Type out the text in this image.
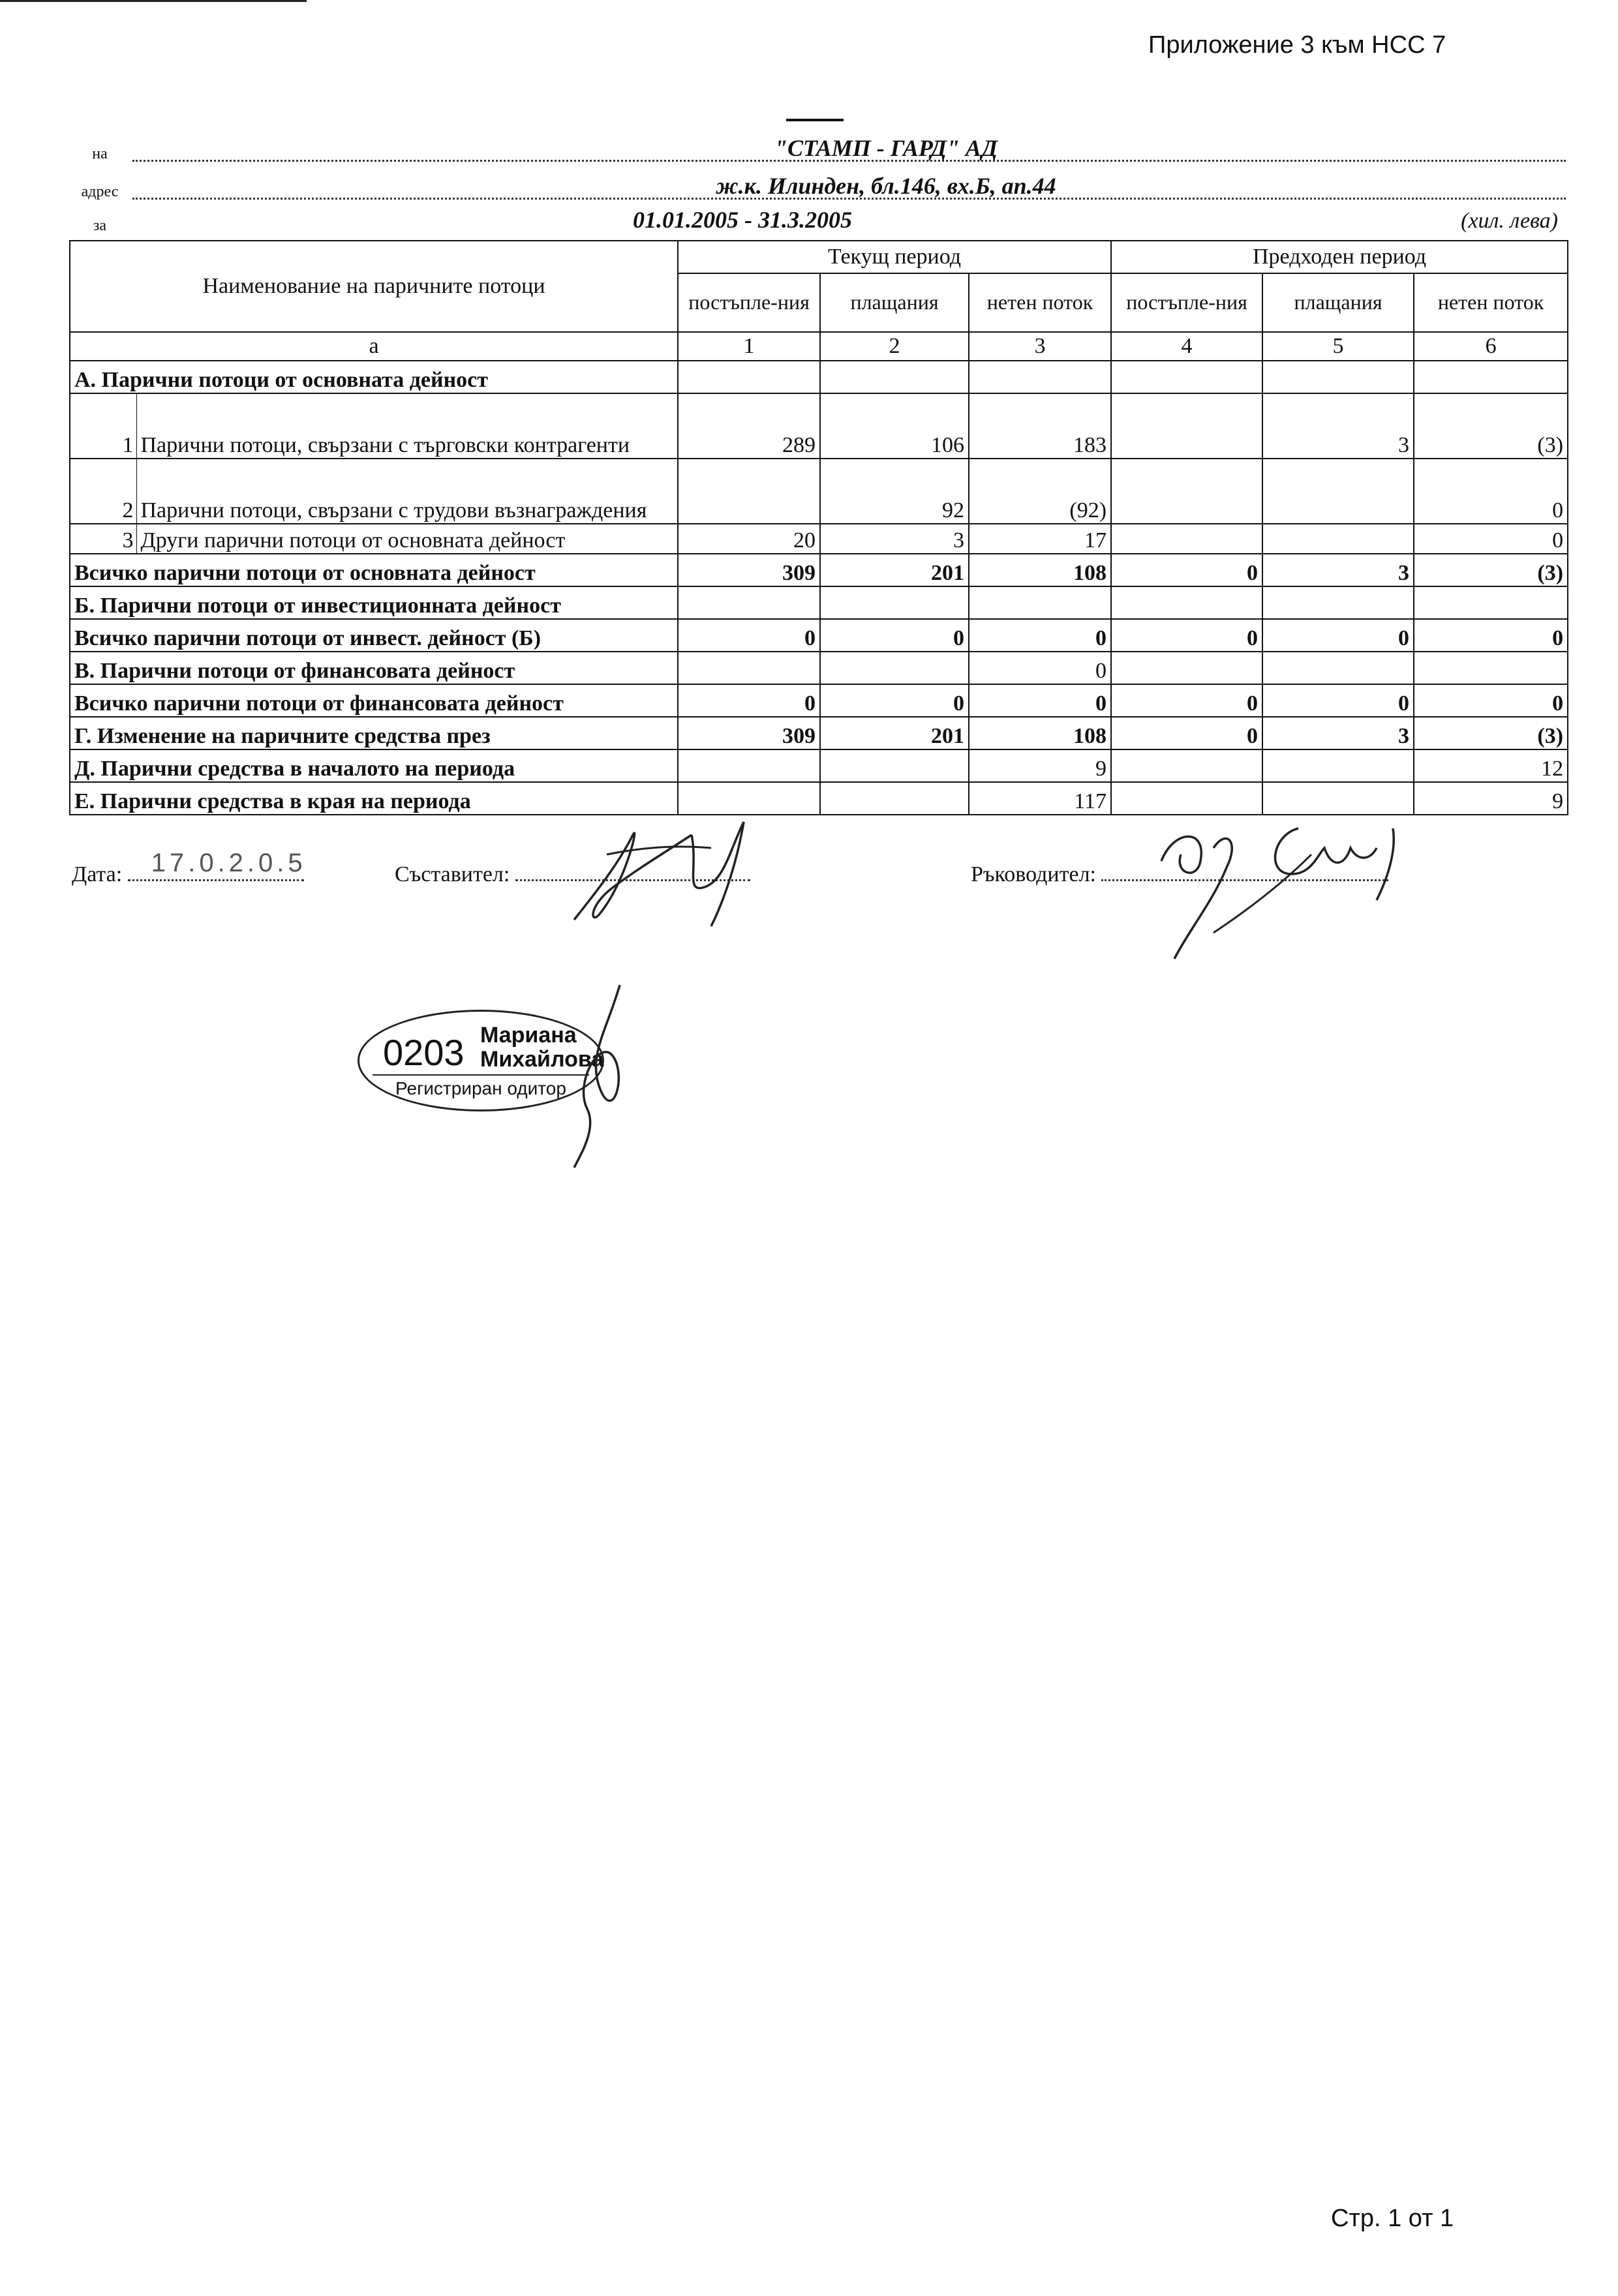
Приложение 3 към НСС 7
на	"СТАМП - ГАРД" АД
адрес	ж.к. Илинден, бл.146, вх.Б, ап.44
за	01.01.2005 - 31.3.2005	(хил. лева)
Наименование на паричните потоци		Текущ период			Предходен период		
		постъпле-ния	плащания	нетен поток	постъпле-ния	плащания	нетен поток
а		1	2	3	4	5	6
А. Парични потоци от основната дейност							
1	Парични потоци, свързани с търговски контрагенти	289	106	183		3	(3)
2	Парични потоци, свързани с трудови възнаграждения		92	(92)			0
3	Други парични потоци от основната дейност	20	3	17			0
Всичко парични потоци от основната дейност		309	201	108	0	3	(3)
Б. Парични потоци от инвестиционната дейност							
Всичко парични потоци от инвест. дейност (Б)		0	0	0	0	0	0
В. Парични потоци от финансовата дейност				0			
Всичко парични потоци от финансовата дейност		0	0	0	0	0	0
Г. Изменение на паричните средства през		309	201	108	0	3	(3)
Д. Парични средства в началото на периода				9			12
Е. Парични средства в края на периода				117			9
Дата: 17.0.2.0.5	Съставител:	Ръководител:
0203 Мариана
Михайлова
Регистриран одитор
Стр. 1 от 1
